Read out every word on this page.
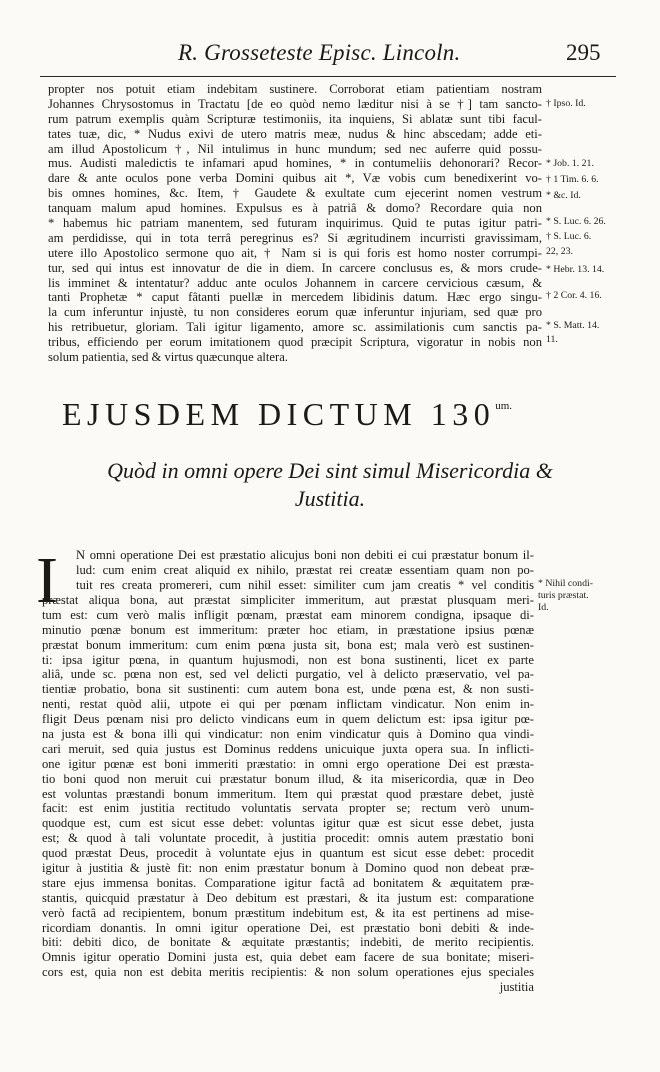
R. Grosseteste Episc. Lincoln.	295
propter nos potuit etiam indebitam sustinere. Corroborat etiam patientiam nostram
Johannes Chrysostomus in Tractatu [de eo quòd nemo læditur nisi à se †] tam sancto-
rum patrum exemplis quàm Scripturæ testimoniis, ita inquiens, Si ablatæ sunt tibi facul-
tates tuæ, dic, * Nudus exivi de utero matris meæ, nudus & hinc abscedam; adde eti-
am illud Apostolicum †, Nil intulimus in hunc mundum; sed nec auferre quid possu-
mus. Audisti maledictis te infamari apud homines, * in contumeliis dehonorari? Recor-
dare & ante oculos pone verba Domini quibus ait *, Væ vobis cum benedixerint vo-
bis omnes homines, &c. Item, † Gaudete & exultate cum ejecerint nomen vestrum
tanquam malum apud homines. Expulsus es à patriâ & domo? Recordare quia non
* habemus hic patriam manentem, sed futuram inquirimus. Quid te putas igitur patri-
am perdidisse, qui in tota terrâ peregrinus es? Si ægritudinem incurristi gravissimam,
utere illo Apostolico sermone quo ait, † Nam si is qui foris est homo noster corrumpi-
tur, sed qui intus est innovatur de die in diem. In carcere conclusus es, & mors crude-
lis imminet & intentatur? adduc ante oculos Johannem in carcere cervicious cæsum, &
tanti Prophetæ * caput fâtanti puellæ in mercedem libidinis datum. Hæc ergo singu-
la cum inferuntur injustè, tu non consideres eorum quæ inferuntur injuriam, sed quæ pro
his retribuetur, gloriam. Tali igitur ligamento, amore sc. assimilationis cum sanctis pa-
tribus, efficiendo per eorum imitationem quod præcipit Scriptura, vigoratur in nobis non
solum patientia, sed & virtus quæcunque altera.
† Ipso. Id.
* Job. 1. 21.
† 1 Tim. 6. 6.
* &c. Id.
* S. Luc. 6. 26.
† S. Luc. 6.
22, 23.
* Hebr. 13. 14.
† 2 Cor. 4. 16.
* S. Matt. 14.
11.
EJUSDEM DICTUM $130^{um.}$
Quòd in omni opere Dei sint simul Misericordia &
Justitia.
I N omni operatione Dei est præstatio alicujus boni non debiti ei cui præstatur bonum il-
lud: cum enim creat aliquid ex nihilo, præstat rei creatæ essentiam quam non po-
tuit res creata promereri, cum nihil esset: similiter cum jam creatis * vel conditis
præstat aliqua bona, aut præstat simpliciter immeritum, aut præstat plusquam meri-
tum est: cum verò malis infligit pœnam, præstat eam minorem condigna, ipsaque di-
minutio pœnæ bonum est immeritum: præter hoc etiam, in præstatione ipsius pœnæ
præstat bonum immeritum: cum enim pœna justa sit, bona est; mala verò est sustinen-
ti: ipsa igitur pœna, in quantum hujusmodi, non est bona sustinenti, licet ex parte
aliâ, unde sc. pœna non est, sed vel delicti purgatio, vel à delicto præservatio, vel pa-
tientiæ probatio, bona sit sustinenti: cum autem bona est, unde pœna est, & non susti-
nenti, restat quòd alii, utpote ei qui per pœnam inflictam vindicatur. Non enim in-
fligit Deus pœnam nisi pro delicto vindicans eum in quem delictum est: ipsa igitur pœ-
na justa est & bona illi qui vindicatur: non enim vindicatur quis à Domino qua vindi-
cari meruit, sed quia justus est Dominus reddens unicuique juxta opera sua. In inflicti-
one igitur pœnæ est boni immeriti præstatio: in omni ergo operatione Dei est præsta-
tio boni quod non meruit cui præstatur bonum illud, & ita misericordia, quæ in Deo
est voluntas præstandi bonum immeritum. Item qui præstat quod præstare debet, justè
facit: est enim justitia rectitudo voluntatis servata propter se; rectum verò unum-
quodque est, cum est sicut esse debet: voluntas igitur quæ est sicut esse debet, justa
est; & quod à tali voluntate procedit, à justitia procedit: omnis autem præstatio boni
quod præstat Deus, procedit à voluntate ejus in quantum est sicut esse debet: procedit
igitur à justitia & justè fit: non enim præstatur bonum à Domino quod non debeat præ-
stare ejus immensa bonitas. Comparatione igitur factâ ad bonitatem & æquitatem præ-
stantis, quicquid præstatur à Deo debitum est præstari, & ita justum est: comparatione
verò factâ ad recipientem, bonum præstitum indebitum est, & ita est pertinens ad mise-
ricordiam donantis. In omni igitur operatione Dei, est præstatio boni debiti & inde-
biti: debiti dico, de bonitate & æquitate præstantis; indebiti, de merito recipientis.
Omnis igitur operatio Domini justa est, quia debet eam facere de sua bonitate; miseri-
cors est, quia non est debita meritis recipientis: & non solum operationes ejus speciales
justitia
* Nihil condi-
turis præstat.
Id.
